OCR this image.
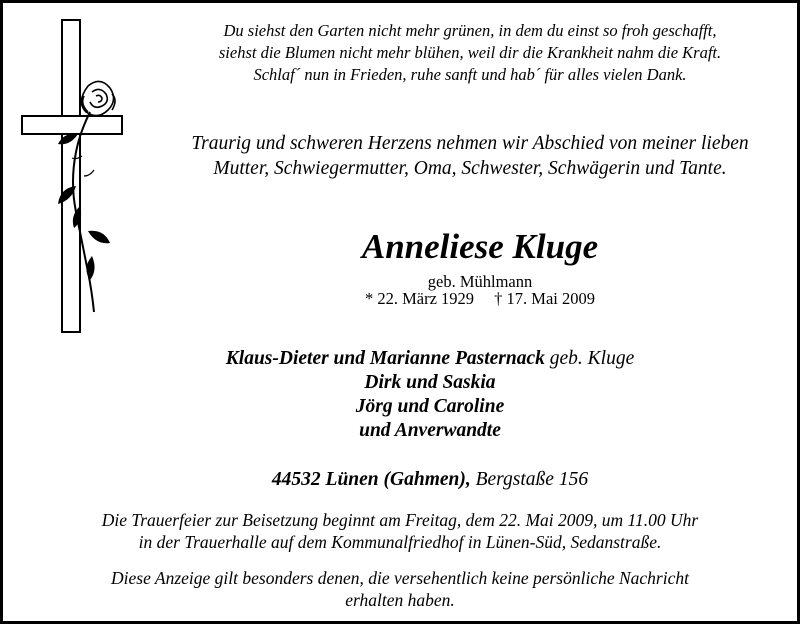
Du siehst den Garten nicht mehr grünen, in dem du einst so froh geschafft,
siehst die Blumen nicht mehr blühen, weil dir die Krankheit nahm die Kraft.
Schlaf´ nun in Frieden, ruhe sanft und hab´ für alles vielen Dank.
Traurig und schweren Herzens nehmen wir Abschied von meiner lieben
Mutter, Schwiegermutter, Oma, Schwester, Schwägerin und Tante.
Anneliese Kluge
geb. Mühlmann
* 22. März 1929 † 17. Mai 2009
Klaus-Dieter und Marianne Pasternack geb. Kluge
Dirk und Saskia
Jörg und Caroline
und Anverwandte
44532 Lünen (Gahmen), Bergstaße 156
Die Trauerfeier zur Beisetzung beginnt am Freitag, dem 22. Mai 2009, um 11.00 Uhr
in der Trauerhalle auf dem Kommunalfriedhof in Lünen-Süd, Sedanstraße.
Diese Anzeige gilt besonders denen, die versehentlich keine persönliche Nachricht
erhalten haben.
